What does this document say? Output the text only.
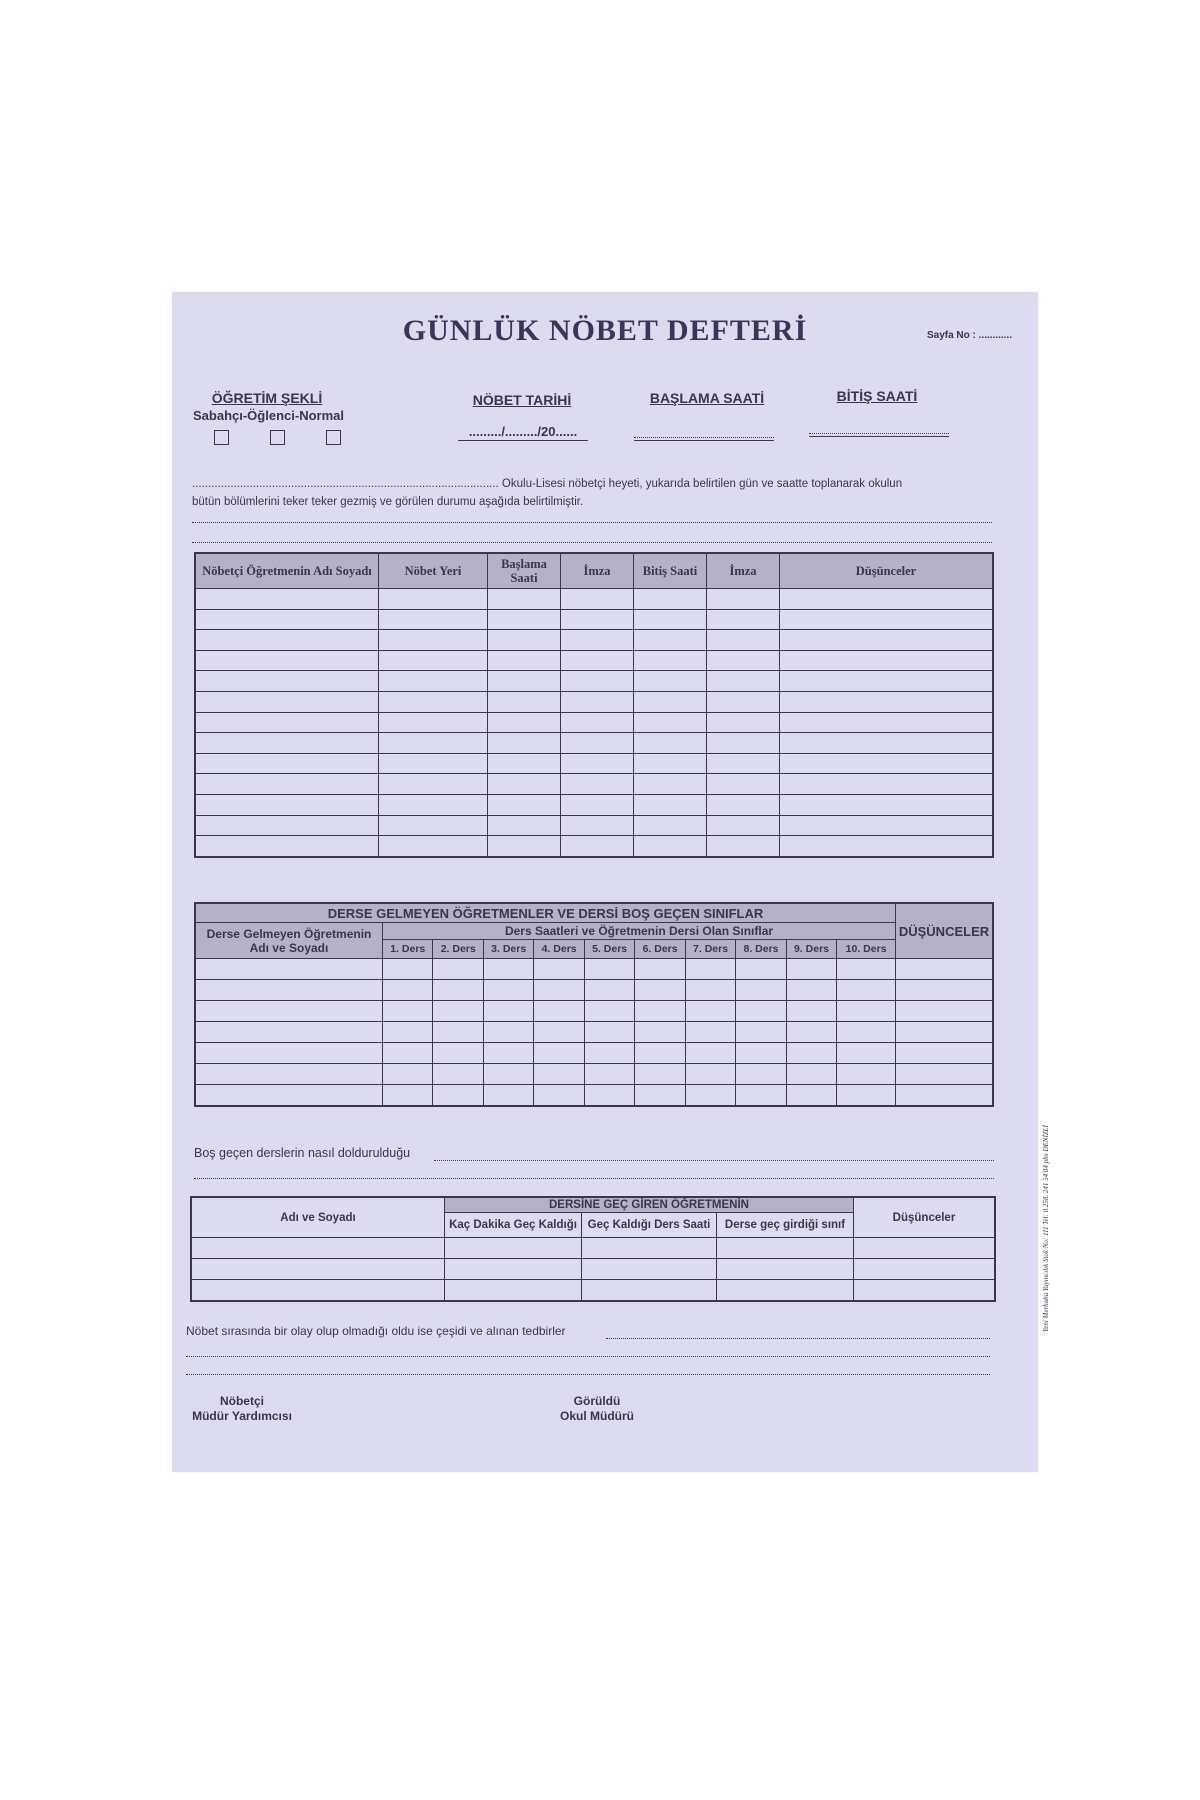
GÜNLÜK NÖBET DEFTERİ	Sayfa No : ............
ÖĞRETİM ŞEKLİ
Sabahçı-Öğlenci-Normal
NÖBET TARİHİ
........./........./20......
BAŞLAMA SAATİ	BİTİŞ SAATİ
................................................................................................ Okulu-Lisesi nöbetçi heyeti, yukarıda belirtilen gün ve saatte toplanarak okulun
bütün bölümlerini teker teker gezmiş ve görülen durumu aşağıda belirtilmiştir.
Nöbetçi Öğretmenin Adı Soyadı	Nöbet Yeri	Başlama Saati	İmza	Bitiş Saati	İmza	Düşünceler

DERSE GELMEYEN ÖĞRETMENLER VE DERSİ BOŞ GEÇEN SINIFLAR											DÜŞÜNCELER
Derse Gelmeyen Öğretmenin Adı ve Soyadı	Ders Saatleri ve Öğretmenin Dersi Olan Sınıflar										
	1. Ders	2. Ders	3. Ders	4. Ders	5. Ders	6. Ders	7. Ders	8. Ders	9. Ders	10. Ders	

Boş geçen derslerin nasıl doldurulduğu
Adı ve Soyadı	DERSİNE GEÇ GİREN ÖĞRETMENİN			Düşünceler
	Kaç Dakika Geç Kaldığı	Geç Kaldığı Ders Saati	Derse geç girdiği sınıf	

Nöbet sırasında bir olay olup olmadığı oldu ise çeşidi ve alınan tedbirler
Nöbetçi
Müdür Yardımcısı
Görüldü
Okul Müdürü
Yeni Merhaba Yayıncılık Stok No: 111 Tel: 0.258. 241 54 04 pbx DENİZLİ
